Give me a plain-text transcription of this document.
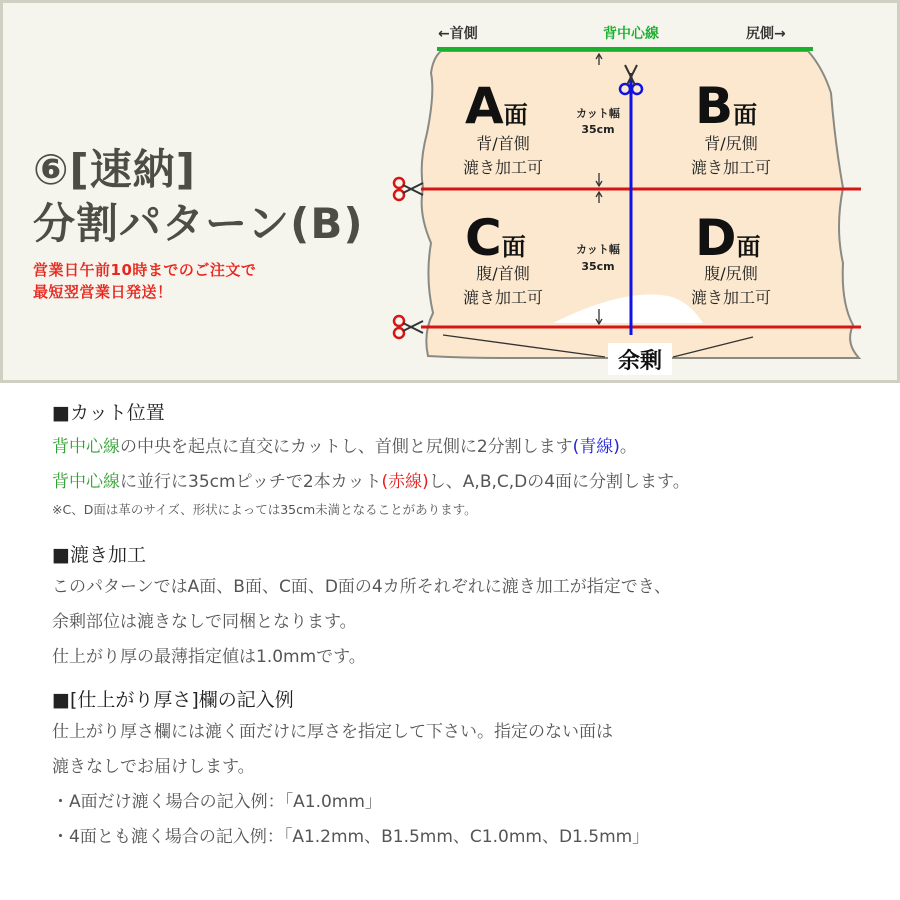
⑥[速納]
分割パターン(B)
営業日午前10時までのご注文で
最短翌営業日発送！
←首側	背中心線	尻側→
カット幅
35cm
カット幅
35cm
A面
背/首側
漉き加工可
B面
背/尻側
漉き加工可
C面
腹/首側
漉き加工可
D面
腹/尻側
漉き加工可
余剰
■カット位置
背中心線の中央を起点に直交にカットし、首側と尻側に2分割します(青線)。
背中心線に並行に35cmピッチで2本カット(赤線)し、A,B,C,Dの4面に分割します。
※C、D面は革のサイズ、形状によっては35cm未満となることがあります。
■漉き加工
このパターンではA面、B面、C面、D面の4カ所それぞれに漉き加工が指定でき、
余剰部位は漉きなしで同梱となります。
仕上がり厚の最薄指定値は1.0mmです。
■[仕上がり厚さ]欄の記入例
仕上がり厚さ欄には漉く面だけに厚さを指定して下さい。指定のない面は
漉きなしでお届けします。
・A面だけ漉く場合の記入例：「A1.0mm」
・4面とも漉く場合の記入例：「A1.2mm、B1.5mm、C1.0mm、D1.5mm」
